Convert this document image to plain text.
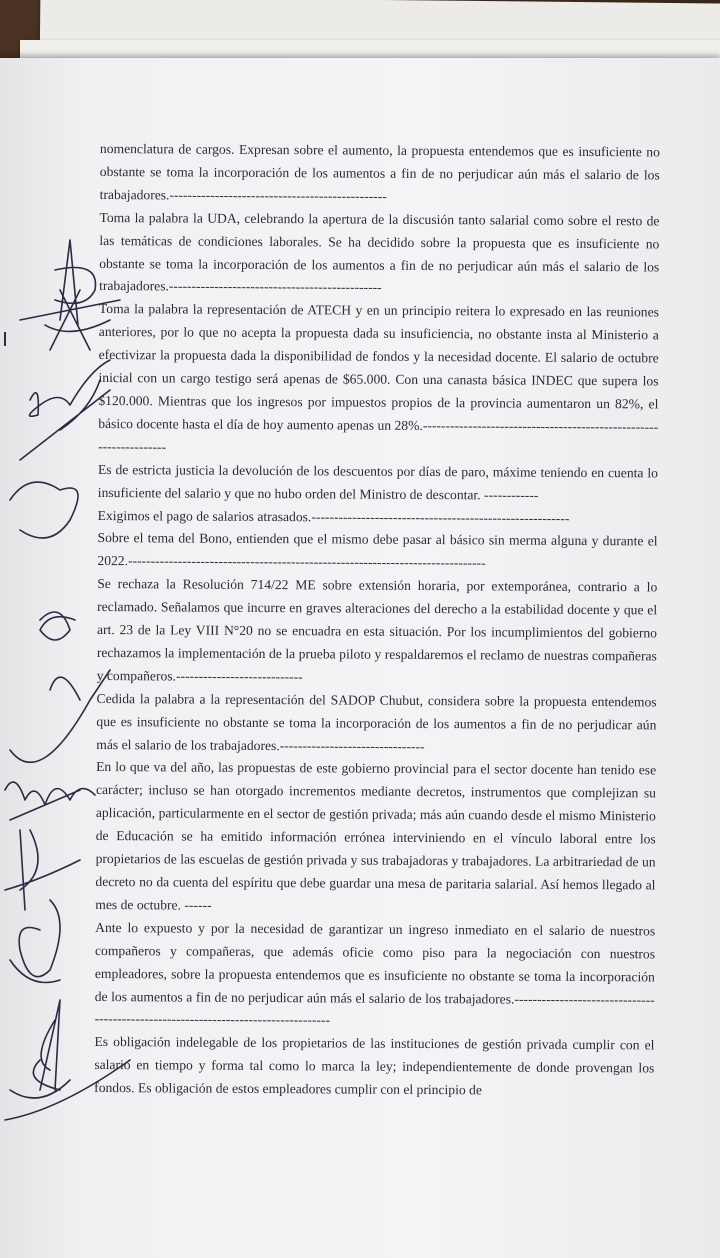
nomenclatura de cargos. Expresan sobre el aumento, la propuesta entendemos que es insuficiente no obstante se toma la incorporación de los aumentos a fin de no perjudicar aún más el salario de los trabajadores.------------------------------------------------

Toma la palabra la UDA, celebrando la apertura de la discusión tanto salarial como sobre el resto de las temáticas de condiciones laborales. Se ha decidido sobre la propuesta que es insuficiente no obstante se toma la incorporación de los aumentos a fin de no perjudicar aún más el salario de los trabajadores.-----------------------------------------------

Toma la palabra la representación de ATECH y en un principio reitera lo expresado en las reuniones anteriores, por lo que no acepta la propuesta dada su insuficiencia, no obstante insta al Ministerio a efectivizar la propuesta dada la disponibilidad de fondos y la necesidad docente. El salario de octubre inicial con un cargo testigo será apenas de $65.000. Con una canasta básica INDEC que supera los $120.000. Mientras que los ingresos por impuestos propios de la provincia aumentaron un 82%, el básico docente hasta el día de hoy aumento apenas un 28%.-------------------------------------------------------------------

Es de estricta justicia la devolución de los descuentos por días de paro, máxime teniendo en cuenta lo insuficiente del salario y que no hubo orden del Ministro de descontar. ------------

Exigimos el pago de salarios atrasados.---------------------------------------------------------

Sobre el tema del Bono, entienden que el mismo debe pasar al básico sin merma alguna y durante el 2022.-------------------------------------------------------------------------------

Se rechaza la Resolución 714/22 ME sobre extensión horaria, por extemporánea, contrario a lo reclamado. Señalamos que incurre en graves alteraciones del derecho a la estabilidad docente y que el art. 23 de la Ley VIII N°20 no se encuadra en esta situación. Por los incumplimientos del gobierno rechazamos la implementación de la prueba piloto y respaldaremos el reclamo de nuestras compañeras y compañeros.----------------------------

Cedida la palabra a la representación del SADOP Chubut, considera sobre la propuesta entendemos que es insuficiente no obstante se toma la incorporación de los aumentos a fin de no perjudicar aún más el salario de los trabajadores.--------------------------------

En lo que va del año, las propuestas de este gobierno provincial para el sector docente han tenido ese carácter; incluso se han otorgado incrementos mediante decretos, instrumentos que complejizan su aplicación, particularmente en el sector de gestión privada; más aún cuando desde el mismo Ministerio de Educación se ha emitido información errónea interviniendo en el vínculo laboral entre los propietarios de las escuelas de gestión privada y sus trabajadoras y trabajadores. La arbitrariedad de un decreto no da cuenta del espíritu que debe guardar una mesa de paritaria salarial. Así hemos llegado al mes de octubre. ------

Ante lo expuesto y por la necesidad de garantizar un ingreso inmediato en el salario de nuestros compañeros y compañeras, que además oficie como piso para la negociación con nuestros empleadores, sobre la propuesta entendemos que es insuficiente no obstante se toma la incorporación de los aumentos a fin de no perjudicar aún más el salario de los trabajadores.-----------------------------------------------------------------------------------

Es obligación indelegable de los propietarios de las instituciones de gestión privada cumplir con el salario en tiempo y forma tal como lo marca la ley; independientemente de donde provengan los fondos. Es obligación de estos empleadores cumplir con el principio de
